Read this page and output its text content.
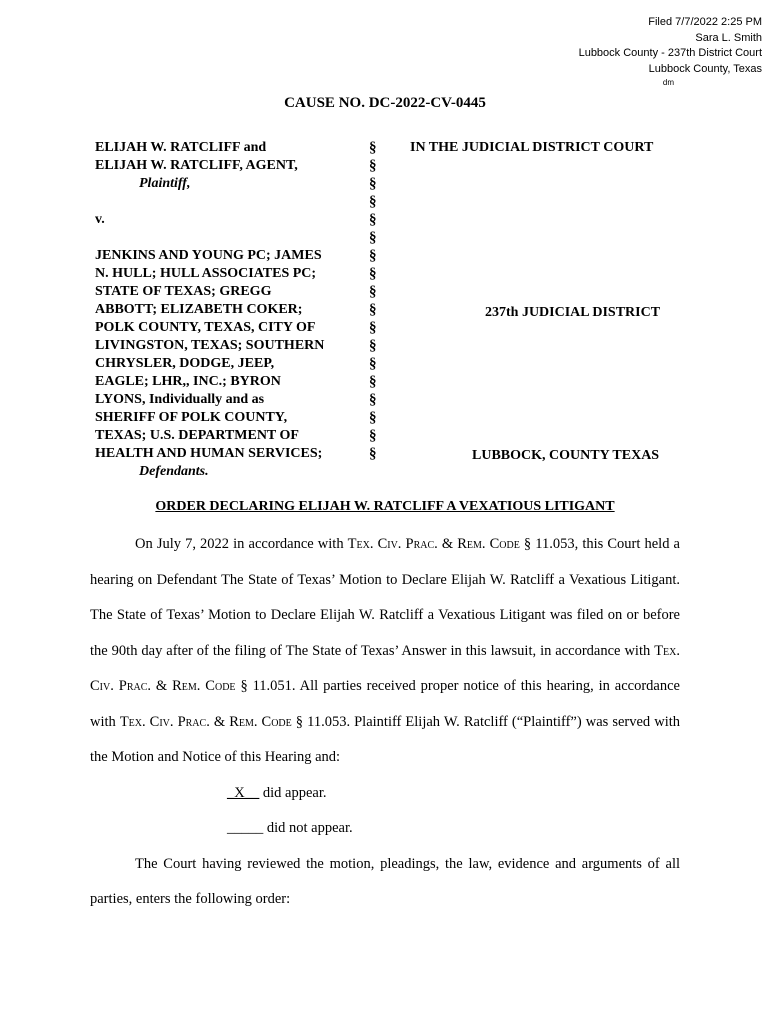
Filed 7/7/2022 2:25 PM
Sara L. Smith
Lubbock County - 237th District Court
Lubbock County, Texas
dm
CAUSE NO. DC-2022-CV-0445
ELIJAH W. RATCLIFF and
ELIJAH W. RATCLIFF, AGENT,
Plaintiff,
v.
JENKINS AND YOUNG PC; JAMES
N. HULL; HULL ASSOCIATES PC;
STATE OF TEXAS; GREGG
ABBOTT; ELIZABETH COKER;
POLK COUNTY, TEXAS, CITY OF
LIVINGSTON, TEXAS; SOUTHERN
CHRYSLER, DODGE, JEEP,
EAGLE; LHR,, INC.; BYRON
LYONS, Individually and as
SHERIFF OF POLK COUNTY,
TEXAS; U.S. DEPARTMENT OF
HEALTH AND HUMAN SERVICES;
Defendants.
§
§
§
§
§
§
§
§
§
§
§
§
§
§
§
§
§
§
IN THE JUDICIAL DISTRICT COURT
237th JUDICIAL DISTRICT
LUBBOCK, COUNTY TEXAS
ORDER DECLARING ELIJAH W. RATCLIFF A VEXATIOUS LITIGANT

On July 7, 2022 in accordance with Tex. Civ. Prac. & Rem. Code § 11.053, this Court held a hearing on Defendant The State of Texas’ Motion to Declare Elijah W. Ratcliff a Vexatious Litigant. The State of Texas’ Motion to Declare Elijah W. Ratcliff a Vexatious Litigant was filed on or before the 90th day after of the filing of The State of Texas’ Answer in this lawsuit, in accordance with Tex. Civ. Prac. & Rem. Code § 11.051. All parties received proper notice of this hearing, in accordance with Tex. Civ. Prac. & Rem. Code § 11.053. Plaintiff Elijah W. Ratcliff (“Plaintiff”) was served with the Motion and Notice of this Hearing and:

_X__ did appear.

_____ did not appear.

The Court having reviewed the motion, pleadings, the law, evidence and arguments of all parties, enters the following order:
